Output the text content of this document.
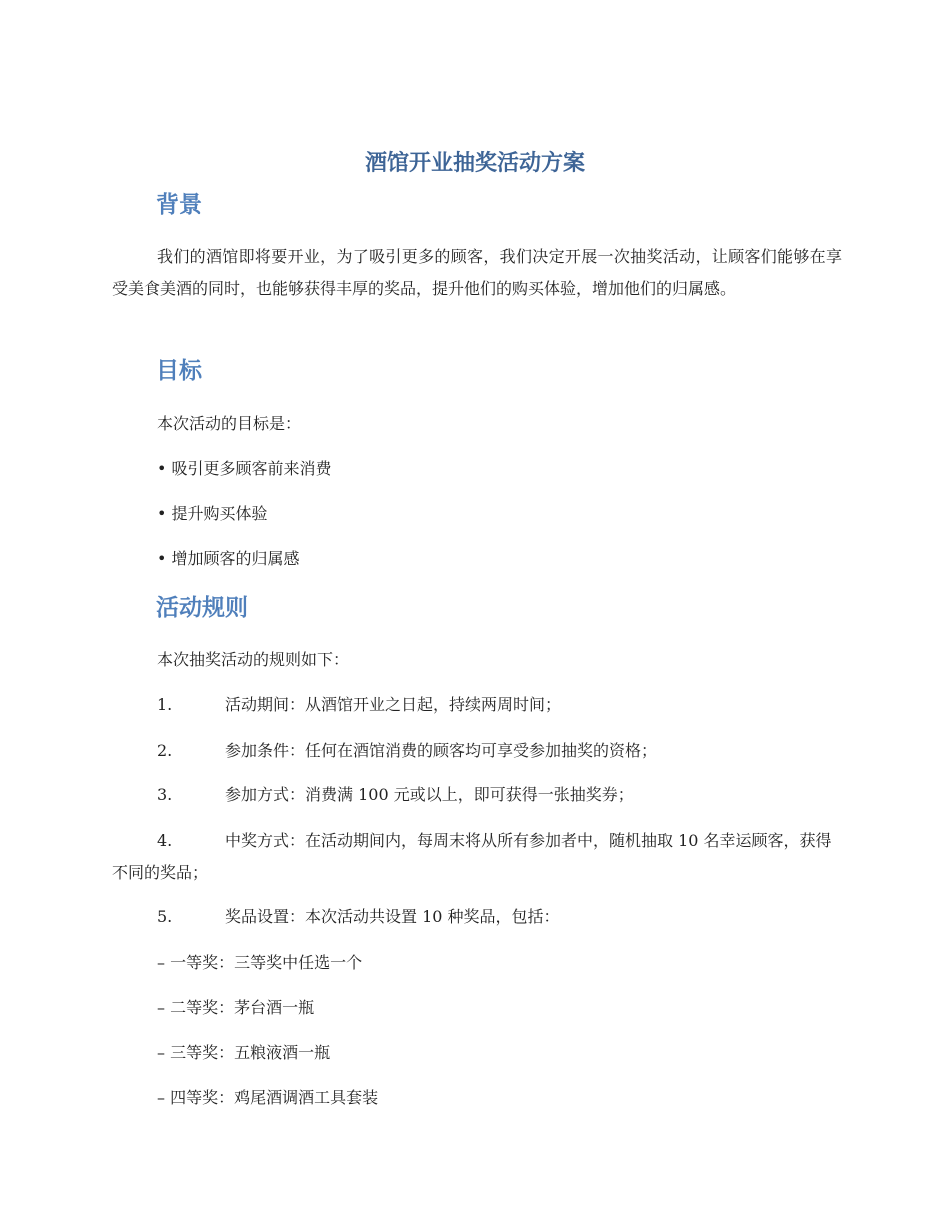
酒馆开业抽奖活动方案
背景

我们的酒馆即将要开业，为了吸引更多的顾客，我们决定开展一次抽奖活动，让顾客们能够在享受美食美酒的同时，也能够获得丰厚的奖品，提升他们的购买体验，增加他们的归属感。

目标

本次活动的目标是：

• 吸引更多顾客前来消费

• 提升购买体验

• 增加顾客的归属感

活动规则

本次抽奖活动的规则如下：

1.	活动期间：从酒馆开业之日起，持续两周时间；
2.	参加条件：任何在酒馆消费的顾客均可享受参加抽奖的资格；
3.	参加方式：消费满 100 元或以上，即可获得一张抽奖券；
4.	中奖方式：在活动期间内，每周末将从所有参加者中，随机抽取 10 名幸运顾客，获得不同的奖品；
5.	奖品设置：本次活动共设置 10 种奖品，包括：

– 一等奖：三等奖中任选一个

– 二等奖：茅台酒一瓶

– 三等奖：五粮液酒一瓶

– 四等奖：鸡尾酒调酒工具套装
